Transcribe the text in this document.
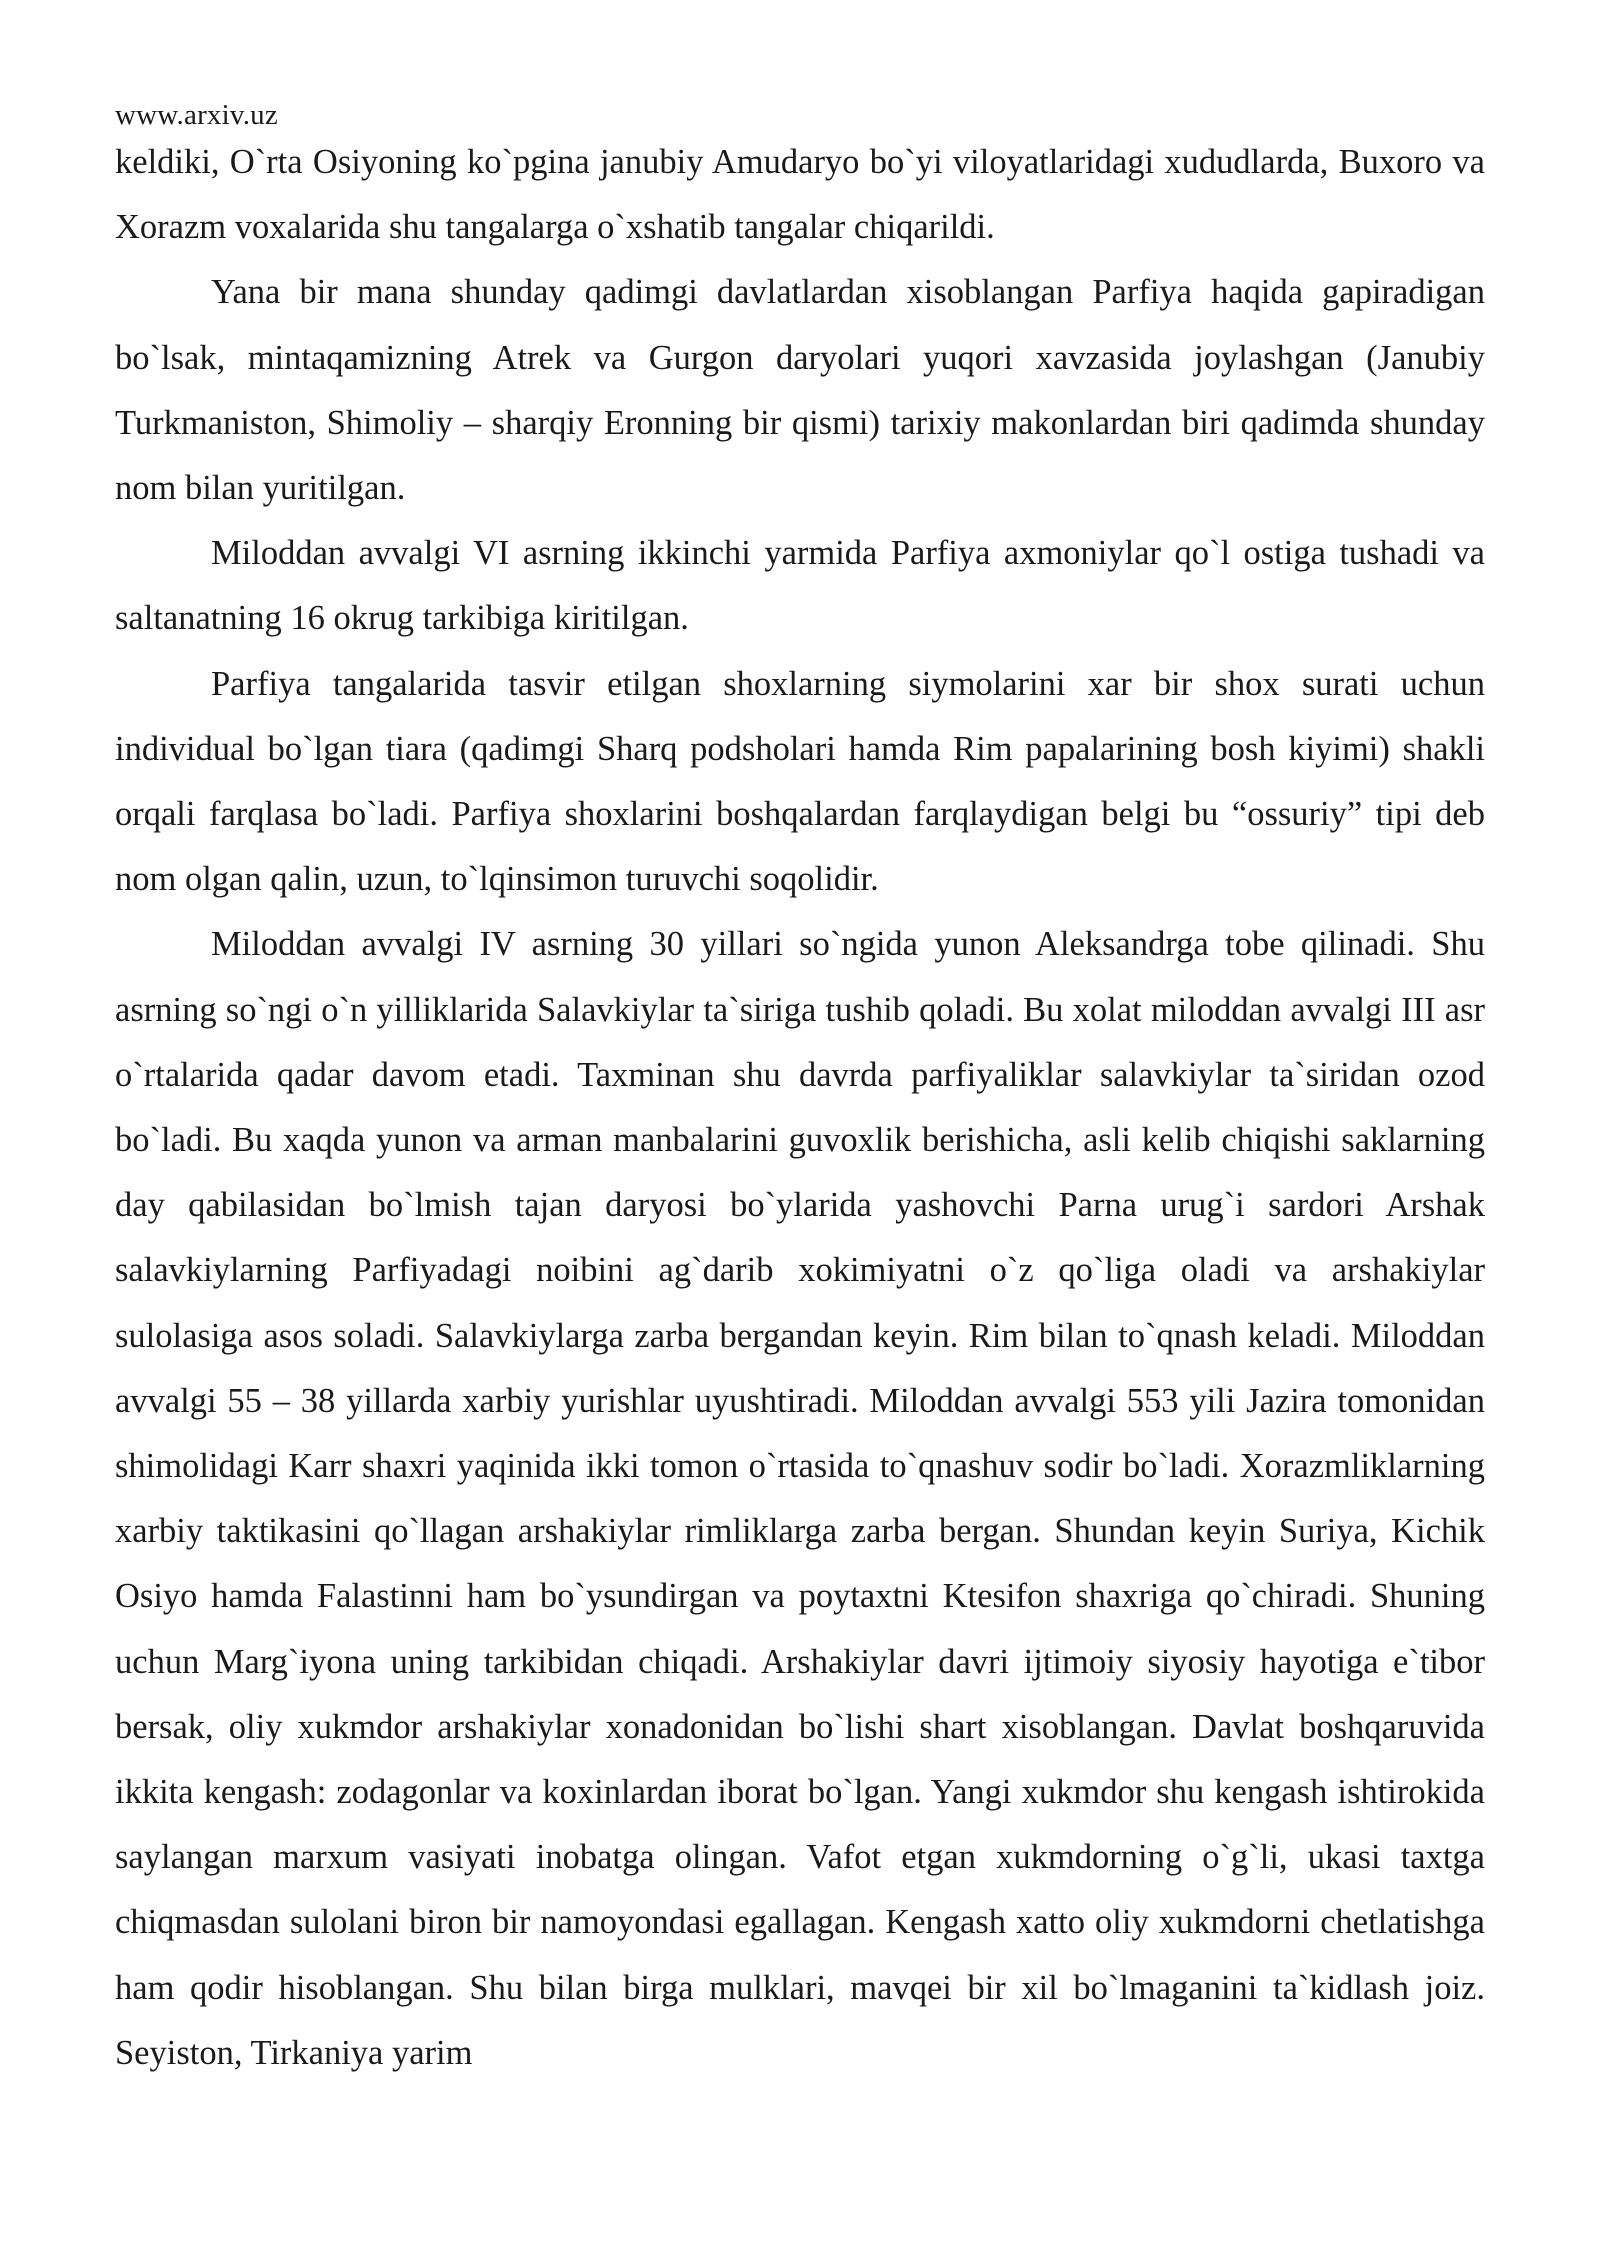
www.arxiv.uz

keldiki, O`rta Osiyoning ko`pgina janubiy Amudaryo bo`yi viloyatlaridagi xududlarda, Buxoro va Xorazm voxalarida shu tangalarga o`xshatib tangalar chiqarildi.

Yana bir mana shunday qadimgi davlatlardan xisoblangan Parfiya haqida gapiradigan bo`lsak, mintaqamizning Atrek va Gurgon daryolari yuqori xavzasida joylashgan (Janubiy Turkmaniston, Shimoliy – sharqiy Eronning bir qismi) tarixiy makonlardan biri qadimda shunday nom bilan yuritilgan.

Miloddan avvalgi VI asrning ikkinchi yarmida Parfiya axmoniylar qo`l ostiga tushadi va saltanatning 16 okrug tarkibiga kiritilgan.

Parfiya tangalarida tasvir etilgan shoxlarning siymolarini xar bir shox surati uchun individual bo`lgan tiara (qadimgi Sharq podsholari hamda Rim papalarining bosh kiyimi) shakli orqali farqlasa bo`ladi. Parfiya shoxlarini boshqalardan farqlaydigan belgi bu “ossuriy” tipi deb nom olgan qalin, uzun, to`lqinsimon turuvchi soqolidir.

Miloddan avvalgi IV asrning 30 yillari so`ngida yunon Aleksandrga tobe qilinadi. Shu asrning so`ngi o`n yilliklarida Salavkiylar ta`siriga tushib qoladi. Bu xolat miloddan avvalgi III asr o`rtalarida qadar davom etadi. Taxminan shu davrda parfiyaliklar salavkiylar ta`siridan ozod bo`ladi. Bu xaqda yunon va arman manbalarini guvoxlik berishicha, asli kelib chiqishi saklarning day qabilasidan bo`lmish tajan daryosi bo`ylarida yashovchi Parna urug`i sardori Arshak salavkiylarning Parfiyadagi noibini ag`darib xokimiyatni o`z qo`liga oladi va arshakiylar sulolasiga asos soladi. Salavkiylarga zarba bergandan keyin. Rim bilan to`qnash keladi. Miloddan avvalgi 55 – 38 yillarda xarbiy yurishlar uyushtiradi. Miloddan avvalgi 553 yili Jazira tomonidan shimolidagi Karr shaxri yaqinida ikki tomon o`rtasida to`qnashuv sodir bo`ladi. Xorazmliklarning xarbiy taktikasini qo`llagan arshakiylar rimliklarga zarba bergan. Shundan keyin Suriya, Kichik Osiyo hamda Falastinni ham bo`ysundirgan va poytaxtni Ktesifon shaxriga qo`chiradi. Shuning uchun Marg`iyona uning tarkibidan chiqadi. Arshakiylar davri ijtimoiy siyosiy hayotiga e`tibor bersak, oliy xukmdor arshakiylar xonadonidan bo`lishi shart xisoblangan. Davlat boshqaruvida ikkita kengash: zodagonlar va koxinlardan iborat bo`lgan. Yangi xukmdor shu kengash ishtirokida saylangan marxum vasiyati inobatga olingan. Vafot etgan xukmdorning o`g`li, ukasi taxtga chiqmasdan sulolani biron bir namoyondasi egallagan. Kengash xatto oliy xukmdorni chetlatishga ham qodir hisoblangan. Shu bilan birga mulklari, mavqei bir xil bo`lmaganini ta`kidlash joiz. Seyiston, Tirkaniya yarim
